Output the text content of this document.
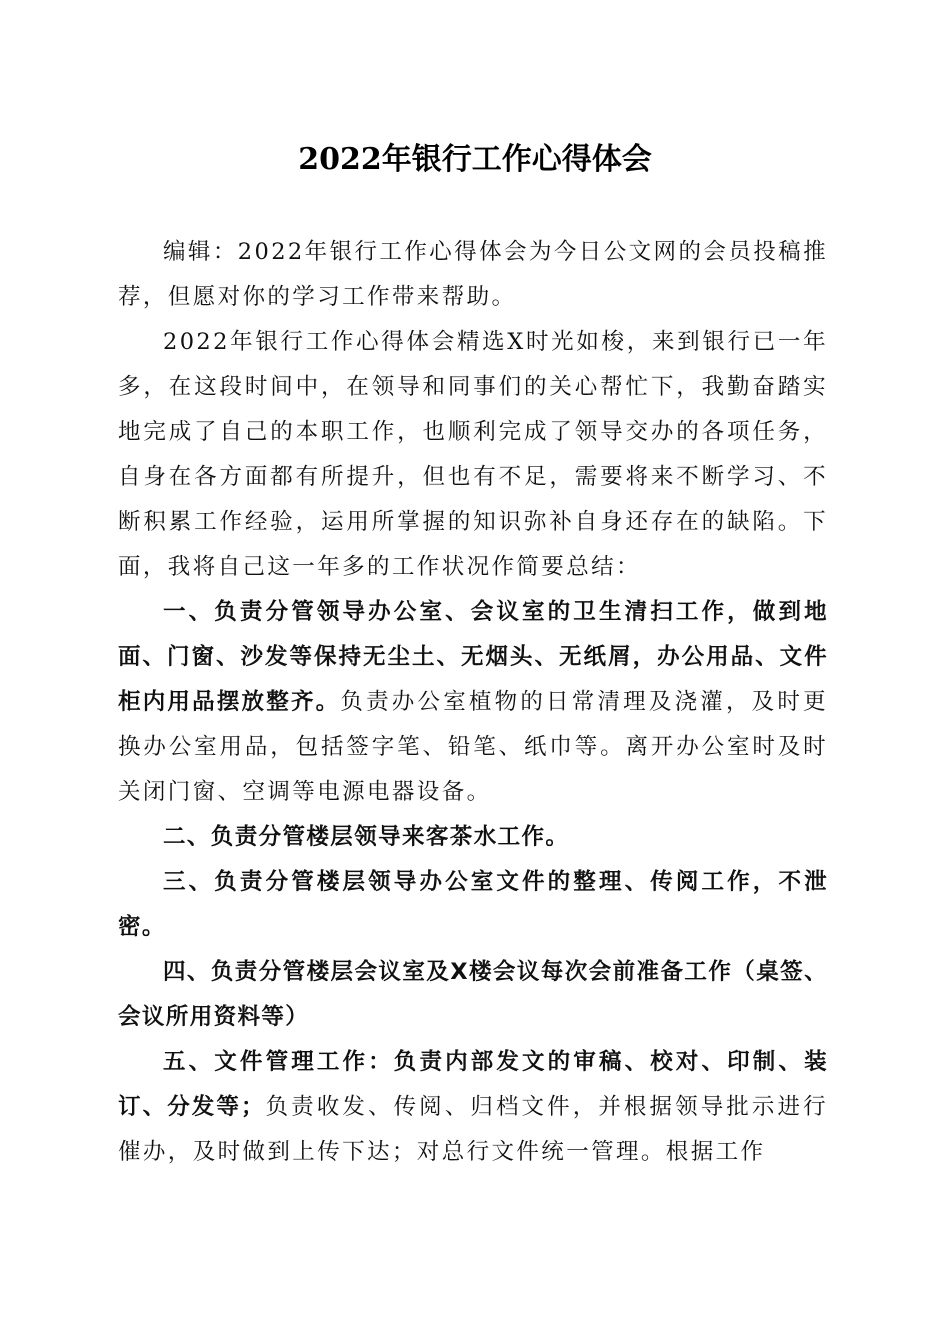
2022年银行工作心得体会

编辑：2022年银行工作心得体会为今日公文网的会员投稿推荐，但愿对你的学习工作带来帮助。

2022年银行工作心得体会精选X时光如梭，来到银行已一年多，在这段时间中，在领导和同事们的关心帮忙下，我勤奋踏实地完成了自己的本职工作，也顺利完成了领导交办的各项任务，自身在各方面都有所提升，但也有不足，需要将来不断学习、不断积累工作经验，运用所掌握的知识弥补自身还存在的缺陷。下面，我将自己这一年多的工作状况作简要总结：

一、负责分管领导办公室、会议室的卫生清扫工作，做到地面、门窗、沙发等保持无尘土、无烟头、无纸屑，办公用品、文件柜内用品摆放整齐。负责办公室植物的日常清理及浇灌，及时更换办公室用品，包括签字笔、铅笔、纸巾等。离开办公室时及时关闭门窗、空调等电源电器设备。

二、负责分管楼层领导来客茶水工作。

三、负责分管楼层领导办公室文件的整理、传阅工作，不泄密。

四、负责分管楼层会议室及X楼会议每次会前准备工作（桌签、会议所用资料等）

五、文件管理工作：负责内部发文的审稿、校对、印制、装订、分发等；负责收发、传阅、归档文件，并根据领导批示进行催办，及时做到上传下达；对总行文件统一管理。根据工作
